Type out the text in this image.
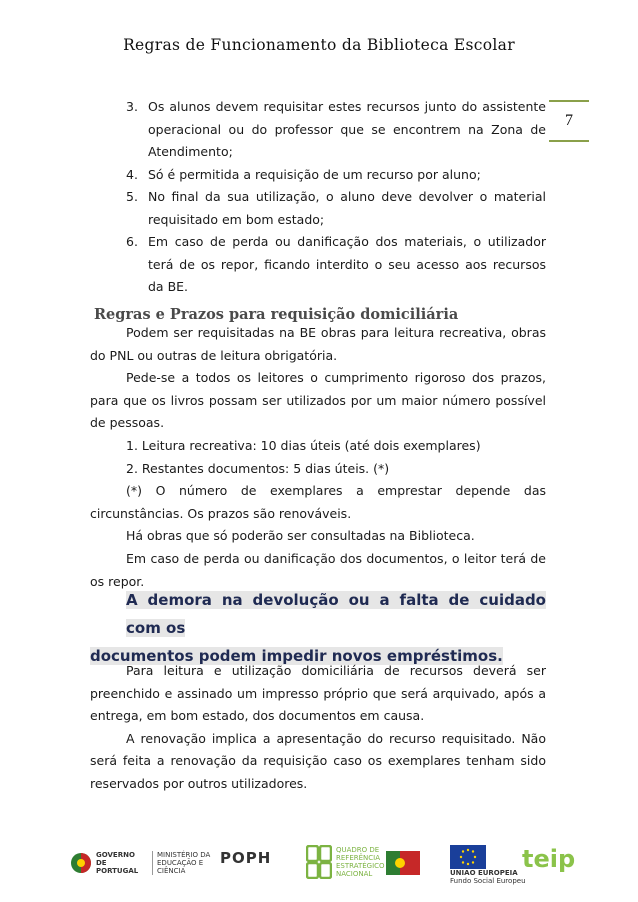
Regras de Funcionamento da Biblioteca Escolar
7
3. Os alunos devem requisitar estes recursos junto do assistente operacional ou do professor que se encontrem na Zona de Atendimento;

4. Só é permitida a requisição de um recurso por aluno;

5. No final da sua utilização, o aluno deve devolver o material requisitado em bom estado;

6. Em caso de perda ou danificação dos materiais, o utilizador terá de os repor, ficando interdito o seu acesso aos recursos da BE.

Regras e Prazos para requisição domiciliária

Podem ser requisitadas na BE obras para leitura recreativa, obras do PNL ou outras de leitura obrigatória.

Pede-se a todos os leitores o cumprimento rigoroso dos prazos, para que os livros possam ser utilizados por um maior número possível de pessoas.

1. Leitura recreativa: 10 dias úteis (até dois exemplares)

2. Restantes documentos: 5 dias úteis. (*)

(*) O número de exemplares a emprestar depende das circunstâncias. Os prazos são renováveis.

Há obras que só poderão ser consultadas na Biblioteca.

Em caso de perda ou danificação dos documentos, o leitor terá de os repor.

A demora na devolução ou a falta de cuidado com os
documentos podem impedir novos empréstimos.

Para leitura e utilização domiciliária de recursos deverá ser preenchido e assinado um impresso próprio que será arquivado, após a entrega, em bom estado, dos documentos em causa.

A renovação implica a apresentação do recurso requisitado. Não será feita a renovação da requisição caso os exemplares tenham sido reservados por outros utilizadores.

GOVERNO DE PORTUGAL
MINISTÉRIO DA EDUCAÇÃO E CIÊNCIA
POPH	QUADRO DE REFERÊNCIA ESTRATÉGICO NACIONAL	UNIÃO EUROPEIA
Fundo Social Europeu
teip
